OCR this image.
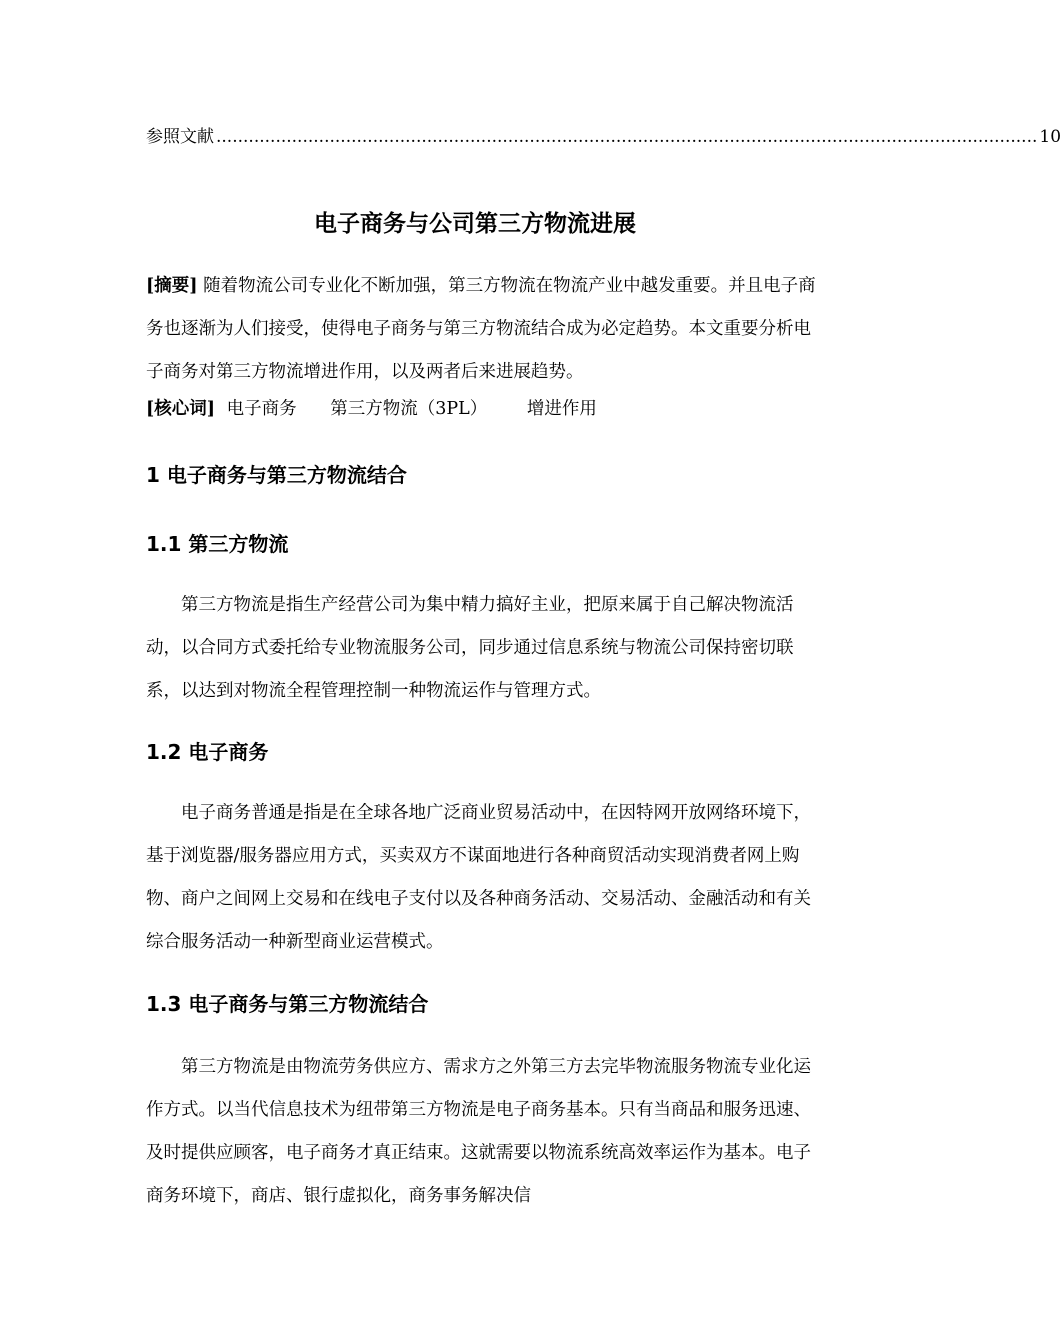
参照文献 ........................................................................................................................................................ 10
电子商务与公司第三方物流进展

[摘要] 随着物流公司专业化不断加强，第三方物流在物流产业中越发重要。并且电子商务也逐渐为人们接受，使得电子商务与第三方物流结合成为必定趋势。本文重要分析电子商务对第三方物流增进作用，以及两者后来进展趋势。

[核心词] 电子商务 第三方物流（3PL） 增进作用
1 电子商务与第三方物流结合
1.1 第三方物流

第三方物流是指生产经营公司为集中精力搞好主业，把原来属于自己解决物流活动，以合同方式委托给专业物流服务公司，同步通过信息系统与物流公司保持密切联系，以达到对物流全程管理控制一种物流运作与管理方式。

1.2 电子商务

电子商务普通是指是在全球各地广泛商业贸易活动中，在因特网开放网络环境下，基于浏览器/服务器应用方式，买卖双方不谋面地进行各种商贸活动实现消费者网上购物、商户之间网上交易和在线电子支付以及各种商务活动、交易活动、金融活动和有关综合服务活动一种新型商业运营模式。

1.3 电子商务与第三方物流结合

第三方物流是由物流劳务供应方、需求方之外第三方去完毕物流服务物流专业化运作方式。以当代信息技术为纽带第三方物流是电子商务基本。只有当商品和服务迅速、及时提供应顾客，电子商务才真正结束。这就需要以物流系统高效率运作为基本。电子商务环境下，商店、银行虚拟化，商务事务解决信
